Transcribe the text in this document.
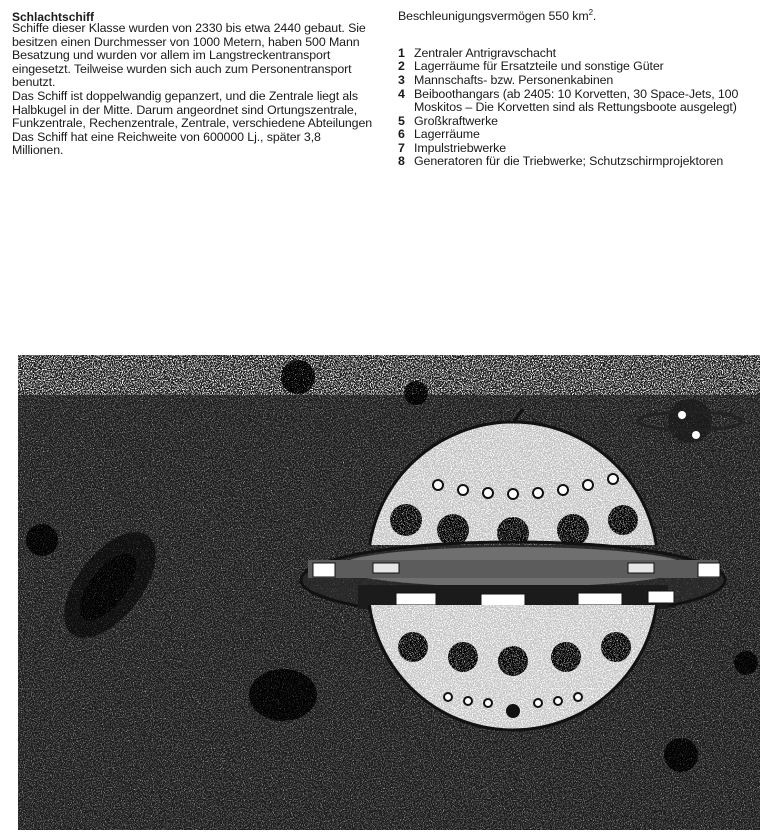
Schlachtschiff

Schiffe dieser Klasse wurden von 2330 bis etwa 2440 gebaut. Sie besitzen einen Durchmesser von 1000 Metern, haben 500 Mann Besatzung und wurden vor allem im Langstreckentransport eingesetzt. Teilweise wurden sich auch zum Personentransport benutzt.

Das Schiff ist doppelwandig gepanzert, und die Zentrale liegt als Halbkugel in der Mitte. Darum angeordnet sind Ortungszentrale, Funkzentrale, Rechenzentrale, Zentrale, verschiedene Abteilungen

Das Schiff hat eine Reichweite von 600000 Lj., später 3,8 Millionen.

Beschleunigungsvermögen 550 $km^2$.

1 Zentraler Antrigravschacht
2 Lagerräume für Ersatzteile und sonstige Güter
3 Mannschafts- bzw. Personenkabinen
4 Beiboothangars (ab 2405: 10 Korvetten, 30 Space-Jets, 100 Moskitos – Die Korvetten sind als Rettungsboote ausgelegt)
5 Großkraftwerke
6 Lagerräume
7 Impulstriebwerke
8 Generatoren für die Triebwerke; Schutzschirmprojektoren
